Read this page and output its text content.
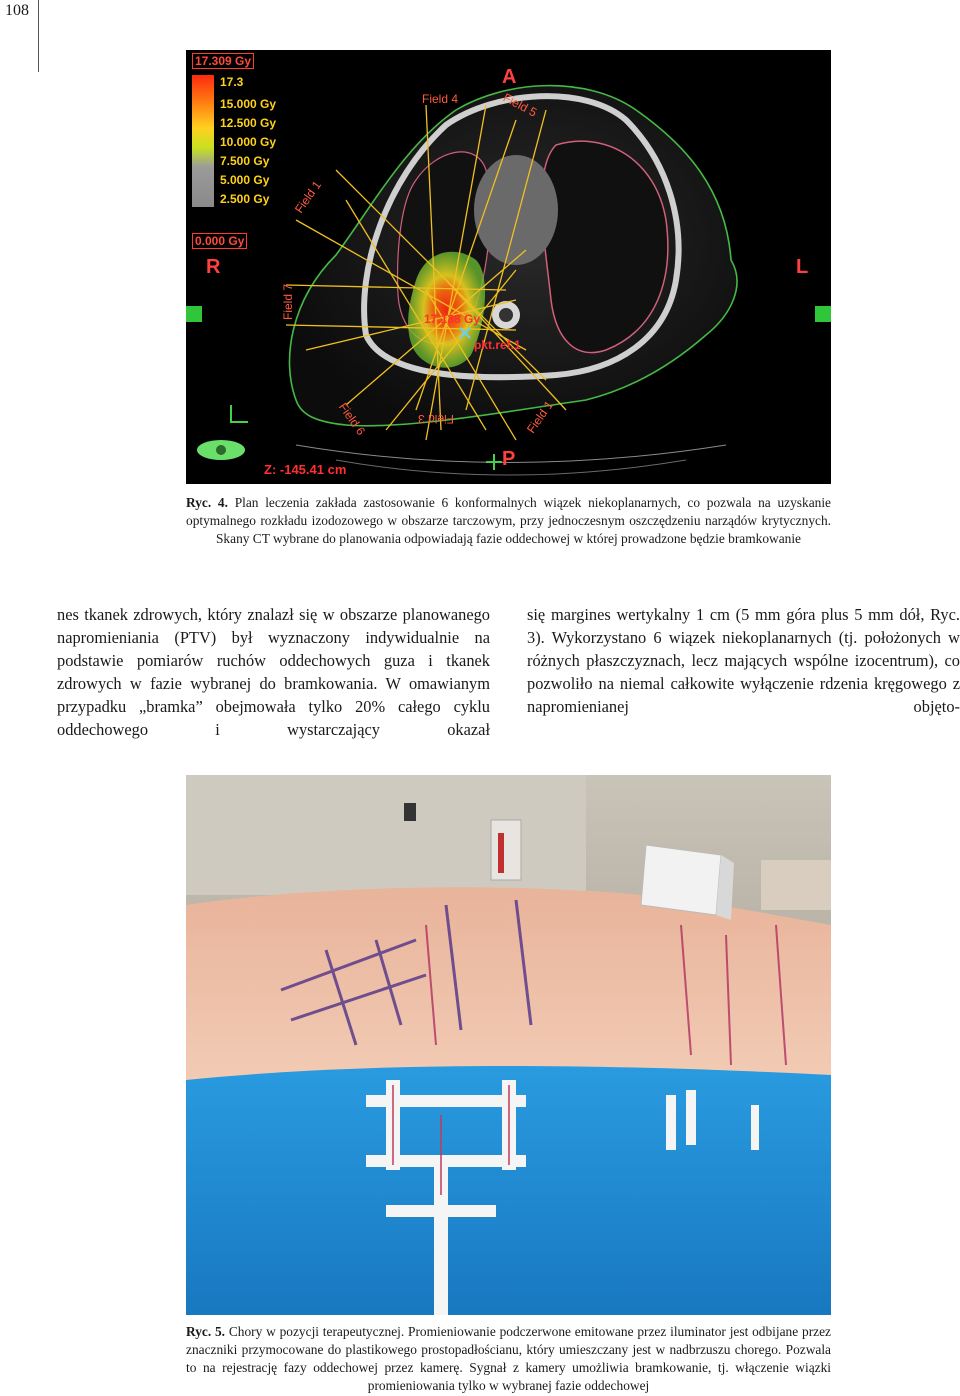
108
17.309 Gy
17.3
15.000 Gy
12.500 Gy
10.000 Gy
7.500 Gy
5.000 Gy
2.500 Gy
0.000 Gy
A
P
R	L
Field 4	Field 5
Field 1
Field 7
Field 6	Field 3	Field 1
17.138 Gy
pkt.ref.1
Z: -145.41 cm
Ryc. 4. Plan leczenia zakłada zastosowanie 6 konformalnych wiązek niekoplanarnych, co pozwala na uzyskanie optymalnego rozkładu izodozowego w obszarze tarczowym, przy jednoczesnym oszczędzeniu narządów krytycznych. Skany CT wybrane do planowania odpowiadają fazie oddechowej w której prowadzone będzie bramkowanie
nes tkanek zdrowych, który znalazł się w obszarze planowanego napromieniania (PTV) był wyznaczony indywidualnie na podstawie pomiarów ruchów oddechowych guza i tkanek zdrowych w fazie wybranej do bramkowania. W omawianym przypadku „bramka” obejmowała tylko 20% całego cyklu oddechowego i wystarczający okazał
się margines wertykalny 1 cm (5 mm góra plus 5 mm dół, Ryc. 3). Wykorzystano 6 wiązek niekoplanarnych (tj. położonych w różnych płaszczyznach, lecz mających wspólne izocentrum), co pozwoliło na niemal całkowite wyłączenie rdzenia kręgowego z napromienianej objęto-
Ryc. 5. Chory w pozycji terapeutycznej. Promieniowanie podczerwone emitowane przez iluminator jest odbijane przez znaczniki przymocowane do plastikowego prostopadłościanu, który umieszczany jest w nadbrzuszu chorego. Pozwala to na rejestrację fazy oddechowej przez kamerę. Sygnał z kamery umożliwia bramkowanie, tj. włączenie wiązki promieniowania tylko w wybranej fazie oddechowej
